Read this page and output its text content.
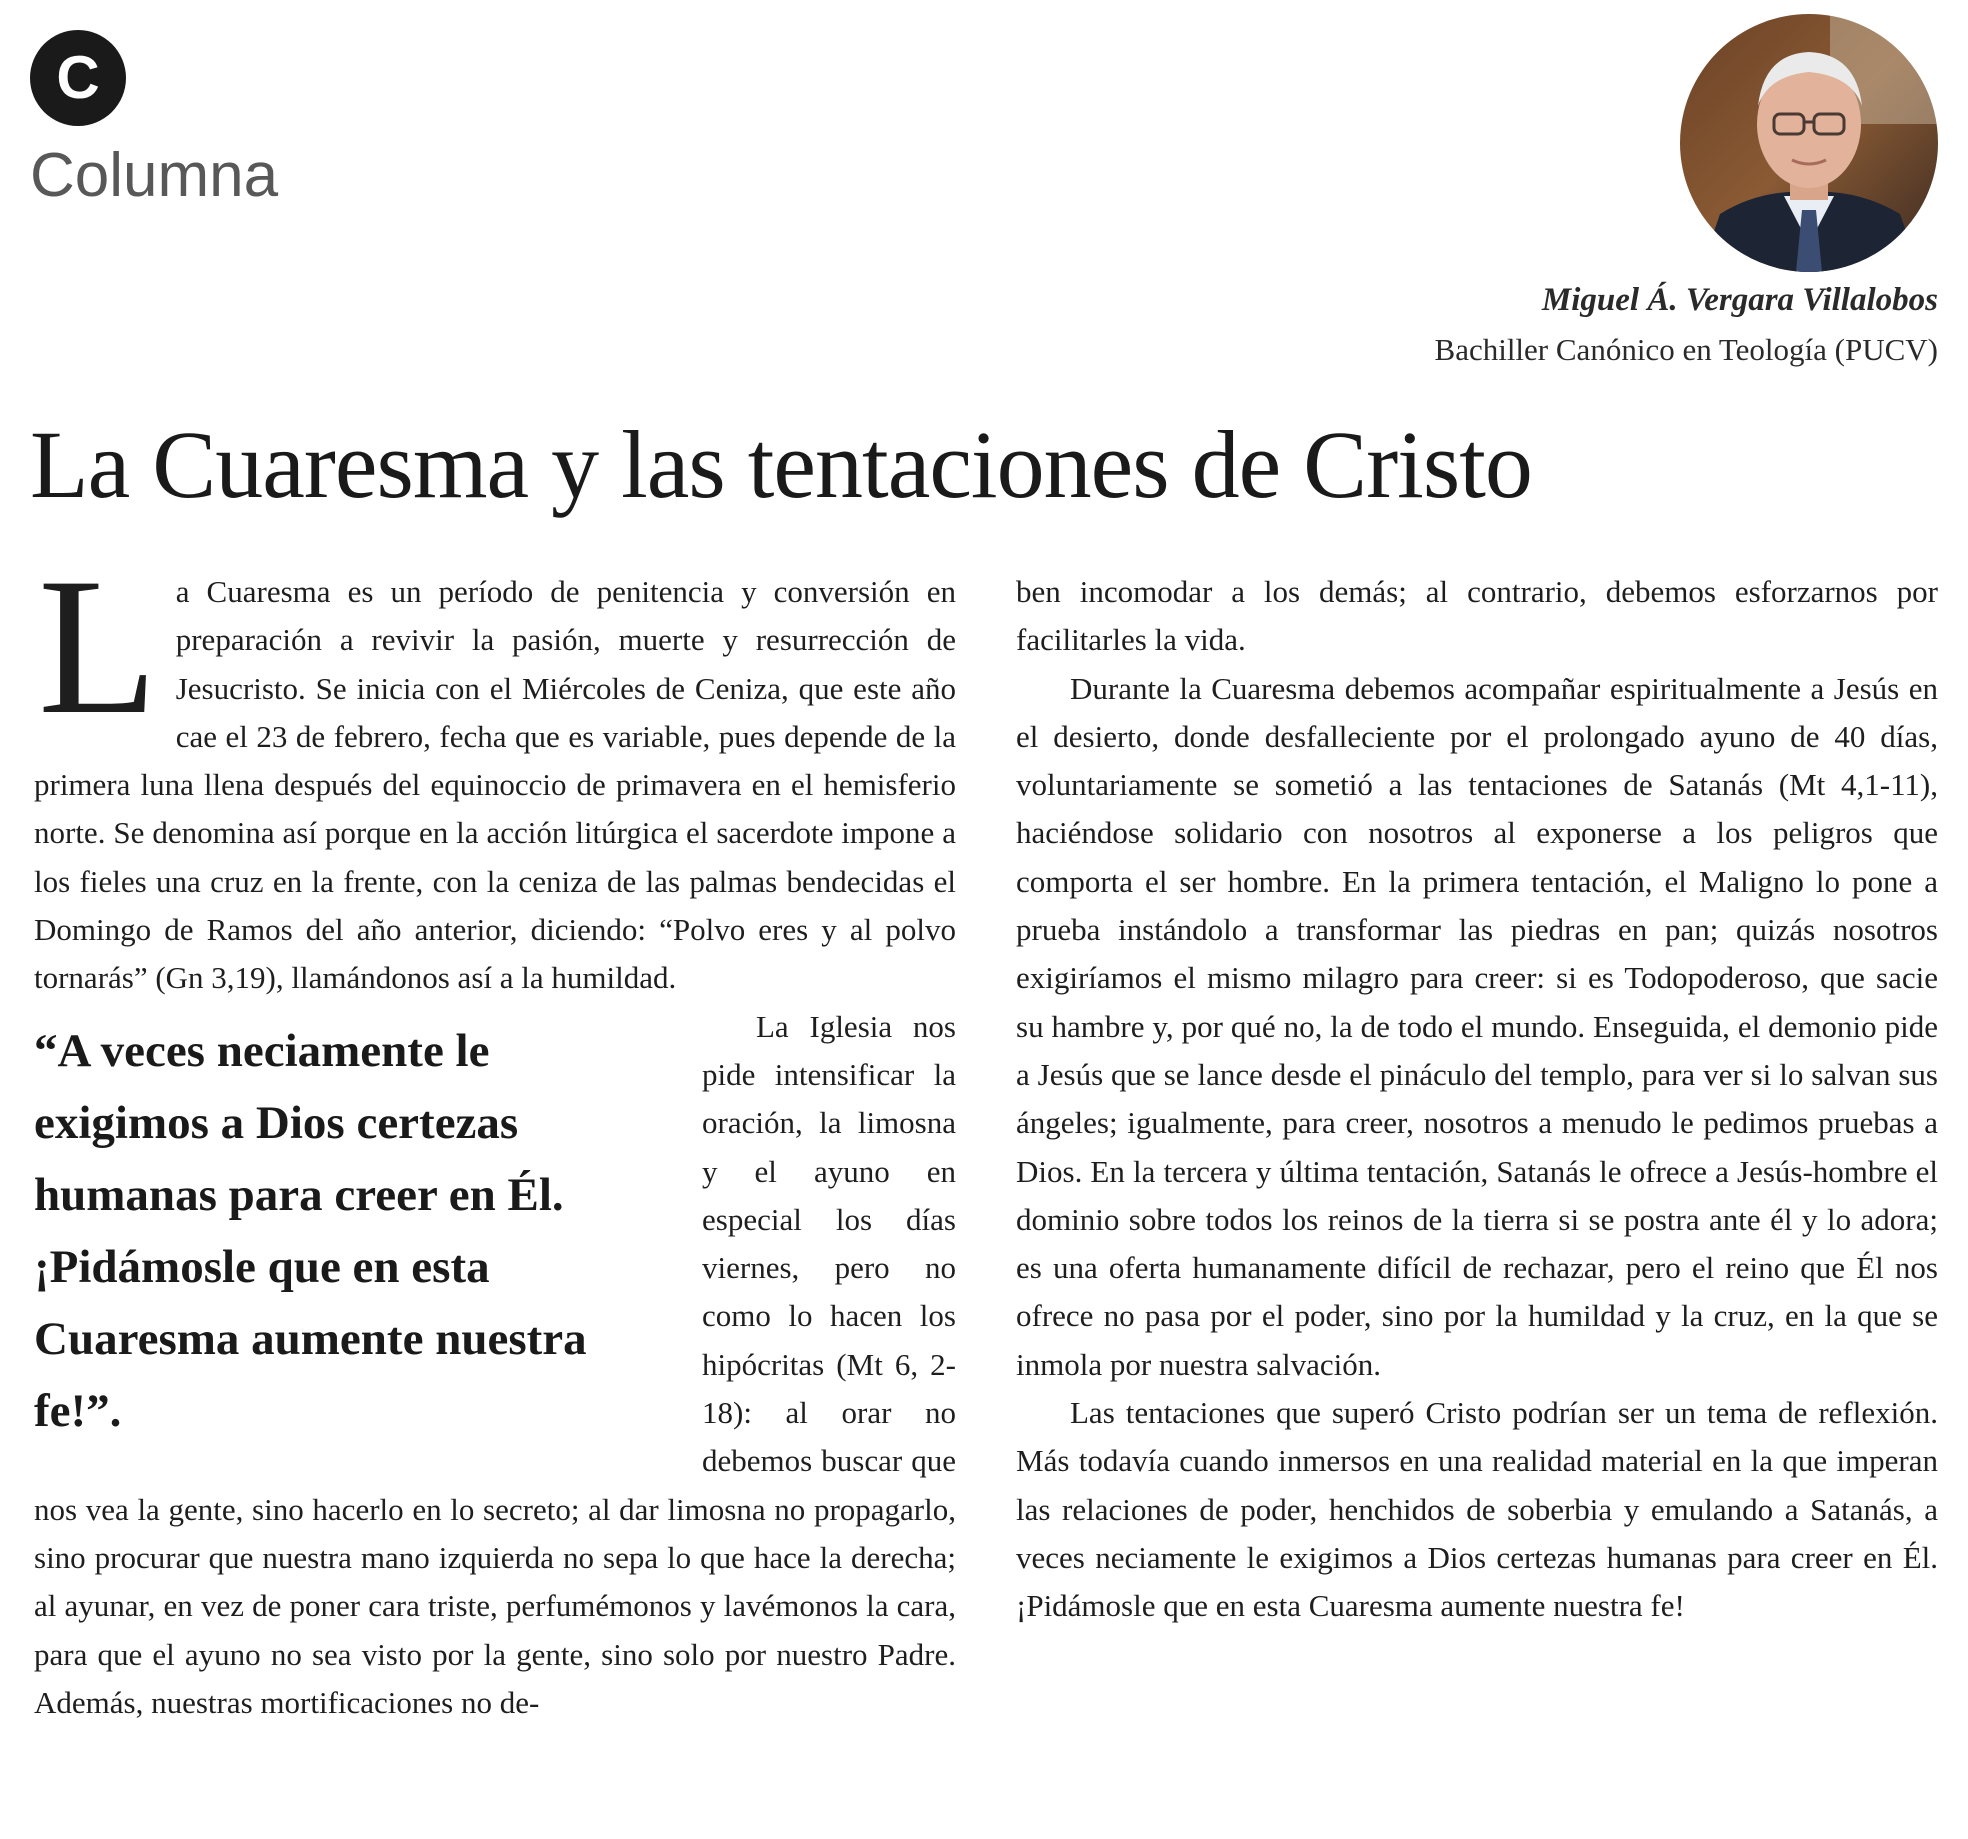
C
Columna
Miguel Á. Vergara Villalobos
Bachiller Canónico en Teología (PUCV)
La Cuaresma y las tentaciones de Cristo
L a Cuaresma es un período de penitencia y conversión en preparación a revivir la pasión, muerte y resurrección de Jesucristo. Se inicia con el Miércoles de Ceniza, que este año cae el 23 de febrero, fecha que es variable, pues depende de la primera luna llena después del equinoccio de primavera en el hemisferio norte. Se denomina así porque en la acción litúrgica el sacerdote impone a los fieles una cruz en la frente, con la ceniza de las palmas bendecidas el Domingo de Ramos del año anterior, diciendo: “Polvo eres y al polvo tornarás” (Gn 3,19), llamándonos así a la humildad.

“A veces neciamente le exigimos a Dios certezas humanas para creer en Él. ¡Pidámosle que en esta Cuaresma aumente nuestra fe!”.

La Iglesia nos pide intensificar la oración, la limosna y el ayuno en especial los días viernes, pero no como lo hacen los hipócritas (Mt 6, 2-18): al orar no debemos buscar que nos vea la gente, sino hacerlo en lo secreto; al dar limosna no propagarlo, sino procurar que nuestra mano izquierda no sepa lo que hace la derecha; al ayunar, en vez de poner cara triste, perfumémonos y lavémonos la cara, para que el ayuno no sea visto por la gente, sino solo por nuestro Padre. Además, nuestras mortificaciones no de-

ben incomodar a los demás; al contrario, debemos esforzarnos por facilitarles la vida.

Durante la Cuaresma debemos acompañar espiritualmente a Jesús en el desierto, donde desfalleciente por el prolongado ayuno de 40 días, voluntariamente se sometió a las tentaciones de Satanás (Mt 4,1-11), haciéndose solidario con nosotros al exponerse a los peligros que comporta el ser hombre. En la primera tentación, el Maligno lo pone a prueba instándolo a transformar las piedras en pan; quizás nosotros exigiríamos el mismo milagro para creer: si es Todopoderoso, que sacie su hambre y, por qué no, la de todo el mundo. Enseguida, el demonio pide a Jesús que se lance desde el pináculo del templo, para ver si lo salvan sus ángeles; igualmente, para creer, nosotros a menudo le pedimos pruebas a Dios. En la tercera y última tentación, Satanás le ofrece a Jesús-hombre el dominio sobre todos los reinos de la tierra si se postra ante él y lo adora; es una oferta humanamente difícil de rechazar, pero el reino que Él nos ofrece no pasa por el poder, sino por la humildad y la cruz, en la que se inmola por nuestra salvación.

Las tentaciones que superó Cristo podrían ser un tema de reflexión. Más todavía cuando inmersos en una realidad material en la que imperan las relaciones de poder, henchidos de soberbia y emulando a Satanás, a veces neciamente le exigimos a Dios certezas humanas para creer en Él. ¡Pidámosle que en esta Cuaresma aumente nuestra fe!
